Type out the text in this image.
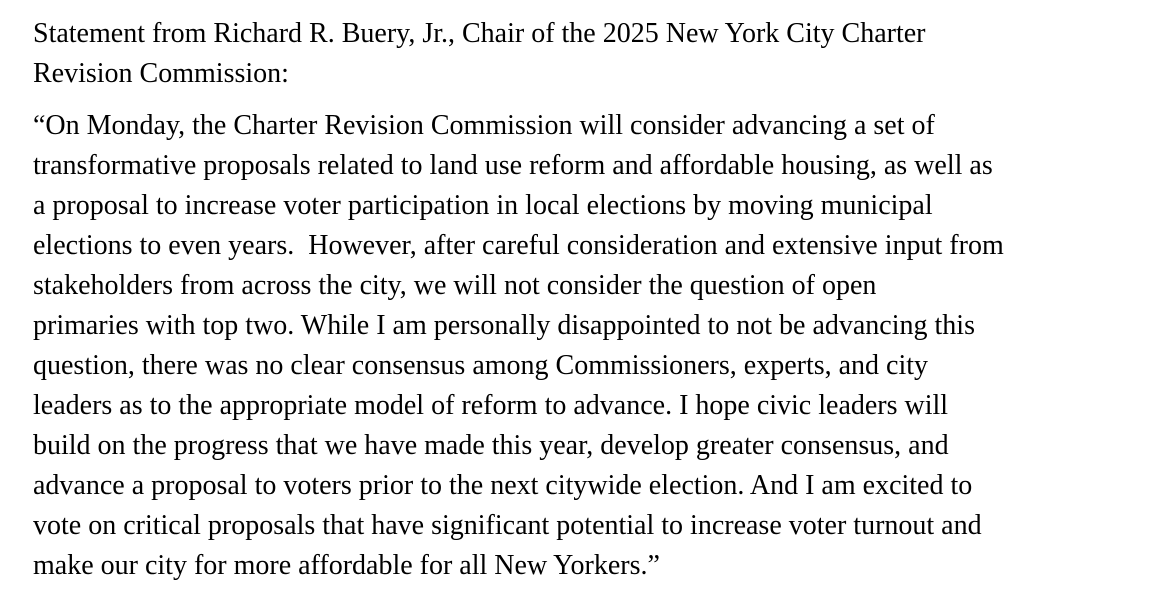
Statement from Richard R. Buery, Jr., Chair of the 2025 New York City Charter
Revision Commission:

“On Monday, the Charter Revision Commission will consider advancing a set of
transformative proposals related to land use reform and affordable housing, as well as
a proposal to increase voter participation in local elections by moving municipal
elections to even years.  However, after careful consideration and extensive input from
stakeholders from across the city, we will not consider the question of open
primaries with top two. While I am personally disappointed to not be advancing this
question, there was no clear consensus among Commissioners, experts, and city
leaders as to the appropriate model of reform to advance. I hope civic leaders will
build on the progress that we have made this year, develop greater consensus, and
advance a proposal to voters prior to the next citywide election. And I am excited to
vote on critical proposals that have significant potential to increase voter turnout and
make our city for more affordable for all New Yorkers.”
